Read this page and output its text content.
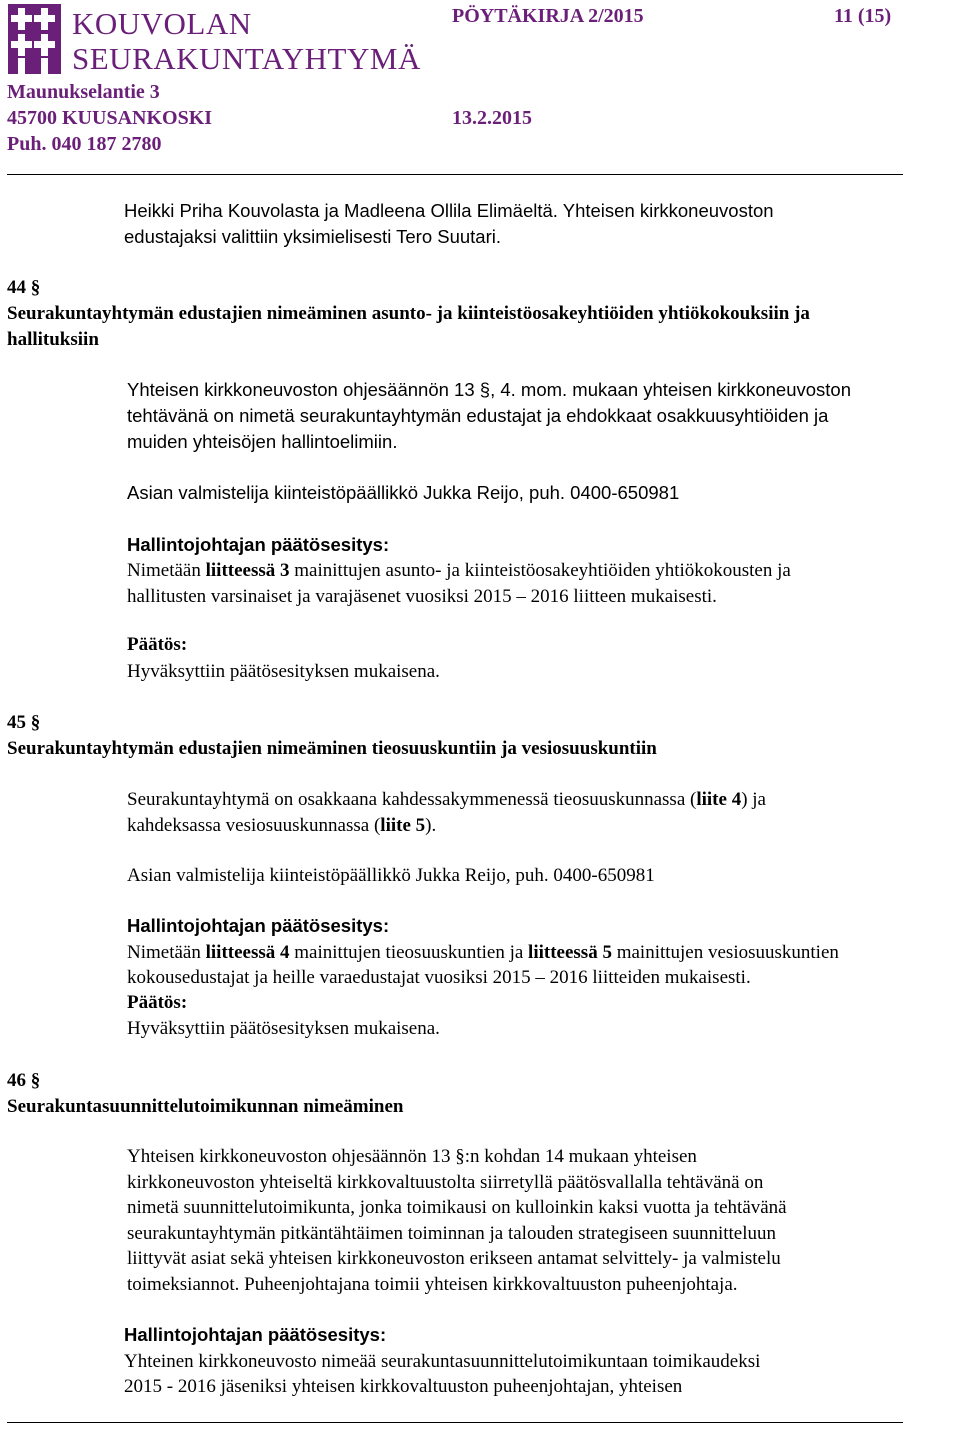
KOUVOLAN
SEURAKUNTAYHTYMÄ
Maunukselantie 3
45700 KUUSANKOSKI
Puh. 040 187 2780
PÖYTÄKIRJA 2/2015	11 (15)
13.2.2015
Heikki Priha Kouvolasta ja Madleena Ollila Elimäeltä. Yhteisen kirkkoneuvoston
edustajaksi valittiin yksimielisesti Tero Suutari.
44 §
Seurakuntayhtymän edustajien nimeäminen asunto- ja kiinteistöosakeyhtiöiden yhtiökokouksiin ja
hallituksiin
Yhteisen kirkkoneuvoston ohjesäännön 13 §, 4. mom. mukaan yhteisen kirkkoneuvoston
tehtävänä on nimetä seurakuntayhtymän edustajat ja ehdokkaat osakkuusyhtiöiden ja
muiden yhteisöjen hallintoelimiin.
Asian valmistelija kiinteistöpäällikkö Jukka Reijo, puh. 0400-650981
Hallintojohtajan päätösesitys:
Nimetään liitteessä 3 mainittujen asunto- ja kiinteistöosakeyhtiöiden yhtiökokousten ja
hallitusten varsinaiset ja varajäsenet vuosiksi 2015 – 2016 liitteen mukaisesti.
Päätös:
Hyväksyttiin päätösesityksen mukaisena.
45 §
Seurakuntayhtymän edustajien nimeäminen tieosuuskuntiin ja vesiosuuskuntiin
Seurakuntayhtymä on osakkaana kahdessakymmenessä tieosuuskunnassa (liite 4) ja
kahdeksassa vesiosuuskunnassa (liite 5).
Asian valmistelija kiinteistöpäällikkö Jukka Reijo, puh. 0400-650981
Hallintojohtajan päätösesitys:
Nimetään liitteessä 4 mainittujen tieosuuskuntien ja liitteessä 5 mainittujen vesiosuuskuntien
kokousedustajat ja heille varaedustajat vuosiksi 2015 – 2016 liitteiden mukaisesti.
Päätös:
Hyväksyttiin päätösesityksen mukaisena.
46 §
Seurakuntasuunnittelutoimikunnan nimeäminen
Yhteisen kirkkoneuvoston ohjesäännön 13 §:n kohdan 14 mukaan yhteisen
kirkkoneuvoston yhteiseltä kirkkovaltuustolta siirretyllä päätösvallalla tehtävänä on
nimetä suunnittelutoimikunta, jonka toimikausi on kulloinkin kaksi vuotta ja tehtävänä
seurakuntayhtymän pitkäntähtäimen toiminnan ja talouden strategiseen suunnitteluun
liittyvät asiat sekä yhteisen kirkkoneuvoston erikseen antamat selvittely- ja valmistelu
toimeksiannot. Puheenjohtajana toimii yhteisen kirkkovaltuuston puheenjohtaja.
Hallintojohtajan päätösesitys:
Yhteinen kirkkoneuvosto nimeää seurakuntasuunnittelutoimikuntaan toimikaudeksi
2015 - 2016 jäseniksi yhteisen kirkkovaltuuston puheenjohtajan, yhteisen
